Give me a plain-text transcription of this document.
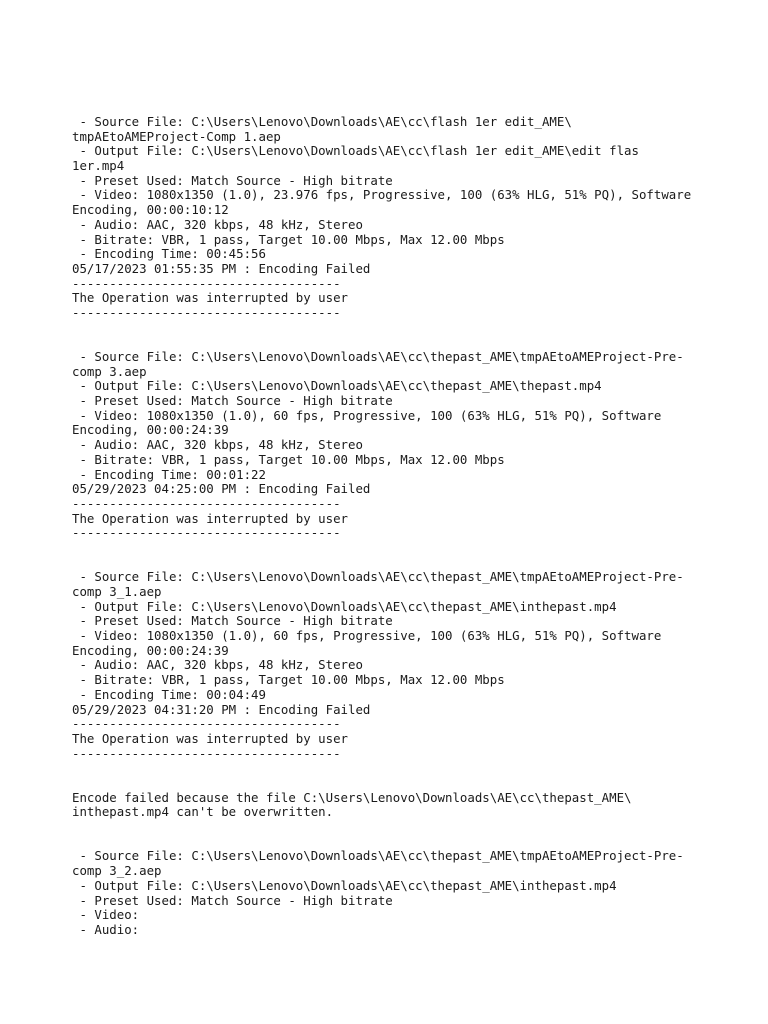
- Source File: C:\Users\Lenovo\Downloads\AE\cc\flash 1er edit_AME\
tmpAEtoAMEProject-Comp 1.aep
- Output File: C:\Users\Lenovo\Downloads\AE\cc\flash 1er edit_AME\edit flas
1er.mp4
- Preset Used: Match Source - High bitrate
- Video: 1080x1350 (1.0), 23.976 fps, Progressive, 100 (63% HLG, 51% PQ), Software
Encoding, 00:00:10:12
- Audio: AAC, 320 kbps, 48 kHz, Stereo
- Bitrate: VBR, 1 pass, Target 10.00 Mbps, Max 12.00 Mbps
- Encoding Time: 00:45:56
05/17/2023 01:55:35 PM : Encoding Failed
------------------------------------
The Operation was interrupted by user
------------------------------------
- Source File: C:\Users\Lenovo\Downloads\AE\cc\thepast_AME\tmpAEtoAMEProject-Pre-
comp 3.aep
- Output File: C:\Users\Lenovo\Downloads\AE\cc\thepast_AME\thepast.mp4
- Preset Used: Match Source - High bitrate
- Video: 1080x1350 (1.0), 60 fps, Progressive, 100 (63% HLG, 51% PQ), Software
Encoding, 00:00:24:39
- Audio: AAC, 320 kbps, 48 kHz, Stereo
- Bitrate: VBR, 1 pass, Target 10.00 Mbps, Max 12.00 Mbps
- Encoding Time: 00:01:22
05/29/2023 04:25:00 PM : Encoding Failed
------------------------------------
The Operation was interrupted by user
------------------------------------
- Source File: C:\Users\Lenovo\Downloads\AE\cc\thepast_AME\tmpAEtoAMEProject-Pre-
comp 3_1.aep
- Output File: C:\Users\Lenovo\Downloads\AE\cc\thepast_AME\inthepast.mp4
- Preset Used: Match Source - High bitrate
- Video: 1080x1350 (1.0), 60 fps, Progressive, 100 (63% HLG, 51% PQ), Software
Encoding, 00:00:24:39
- Audio: AAC, 320 kbps, 48 kHz, Stereo
- Bitrate: VBR, 1 pass, Target 10.00 Mbps, Max 12.00 Mbps
- Encoding Time: 00:04:49
05/29/2023 04:31:20 PM : Encoding Failed
------------------------------------
The Operation was interrupted by user
------------------------------------
Encode failed because the file C:\Users\Lenovo\Downloads\AE\cc\thepast_AME\
inthepast.mp4 can't be overwritten.
- Source File: C:\Users\Lenovo\Downloads\AE\cc\thepast_AME\tmpAEtoAMEProject-Pre-
comp 3_2.aep
- Output File: C:\Users\Lenovo\Downloads\AE\cc\thepast_AME\inthepast.mp4
- Preset Used: Match Source - High bitrate
- Video:
- Audio:
